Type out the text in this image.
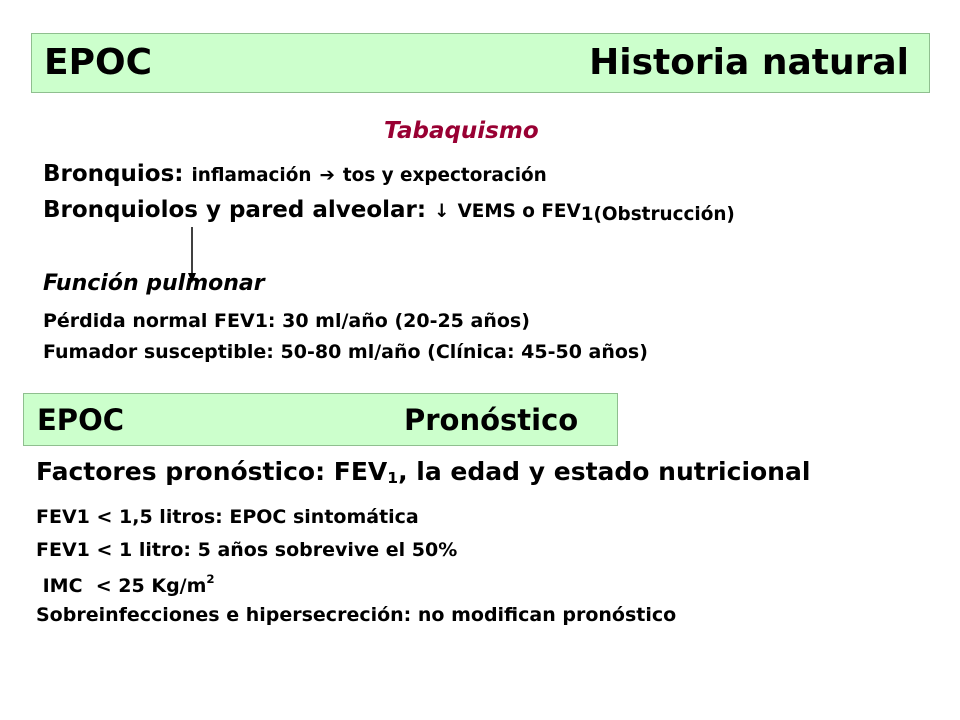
EPOC	Historia natural
Tabaquismo
Bronquios: inflamación ➔ tos y expectoración
Bronquiolos y pared alveolar: ↓ VEMS o FEV1(Obstrucción)
Función pulmonar
Pérdida normal FEV1: 30 ml/año (20-25 años)
Fumador susceptible: 50-80 ml/año (Clínica: 45-50 años)
EPOC	Pronóstico
Factores pronóstico: FEV1, la edad y estado nutricional
FEV1 < 1,5 litros: EPOC sintomática
FEV1 < 1 litro: 5 años sobrevive el 50%
IMC  < 25 $Kg/m^2$
Sobreinfecciones e hipersecreción: no modifican pronóstico
